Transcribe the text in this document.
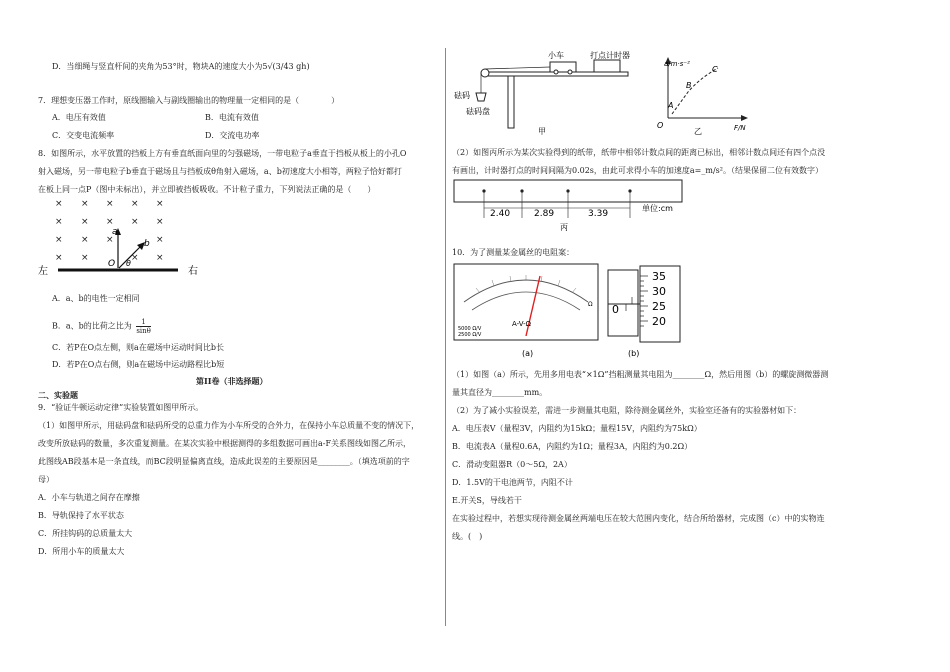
D．当细绳与竖直杆间的夹角为53°时，物块A的速度大小为5√(3/43 gh)
7．理想变压器工作时，原线圈输入与副线圈输出的物理量一定相同的是（　　　　）
A．电压有效值	B．电流有效值
C．交变电流频率	D．交流电功率
8．如图所示，水平放置的挡板上方有垂直纸面向里的匀强磁场，一带电粒子a垂直于挡板从板上的小孔O
射入磁场，另一带电粒子b垂直于磁场且与挡板成θ角射入磁场，a、b初速度大小相等，两粒子恰好都打
在板上同一点P（图中未标出），并立即被挡板吸收。不计粒子重力，下列说法正确的是（　　）
× × × × ×
× × × × ×
× × ×	×
× ×	× ×
左	右
a
b
O θ
A．a、b的电性一定相同
B．a、b的比荷之比为 $\frac{1}{\sin\theta}$
C．若P在O点左侧，则a在磁场中运动时间比b长
D．若P在O点右侧，则a在磁场中运动路程比b短
第II卷（非选择题）
二、实验题
9．“验证牛顿运动定律”实验装置如图甲所示。
（1）如图甲所示，用砝码盘和砝码所受的总重力作为小车所受的合外力，在保持小车总质量不变的情况下，
改变所放砝码的数量，多次重复测量。在某次实验中根据测得的多组数据可画出a-F关系图线如图乙所示，
此图线AB段基本是一条直线，而BC段明显偏离直线，造成此误差的主要原因是________。（填选项前的字
母）
A．小车与轨道之间存在摩擦
B．导轨保持了水平状态
C．所挂钩码的总质量太大
D．所用小车的质量太大
小车	打点计时器
砝码
砝码盘
甲
a/m·s⁻²
F/N
O
A
B
C
乙
（2）如图丙所示为某次实验得到的纸带，纸带中相邻计数点间的距离已标出，相邻计数点间还有四个点没
有画出，计时器打点的时间间隔为0.02s，由此可求得小车的加速度a=_m/s²。（结果保留二位有效数字）
2.40	2.89	3.39
单位:cm
丙
10．为了测量某金属丝的电阻案：
Ω
A-V-Ω
5000 Ω/V
2500 Ω/V
(a)
35
30
25
20
0
(b)
（1）如图（a）所示，先用多用电表“×1Ω”挡粗测量其电阻为________Ω，然后用图（b）的螺旋测微器测
量其直径为________mm。
（2）为了减小实验误差，需进一步测量其电阻，除待测金属丝外，实验室还备有的实验器材如下：
A．电压表V（量程3V，内阻约为15kΩ；量程15V，内阻约为75kΩ）
B．电流表A（量程0.6A，内阻约为1Ω；量程3A，内阻约为0.2Ω）
C．滑动变阻器R（0～5Ω，2A）
D．1.5V的干电池两节，内阻不计
E.开关S，导线若干
在实验过程中，若想实现待测金属丝两端电压在较大范围内变化，结合所给器材，完成图（c）中的实物连
线。(　)
